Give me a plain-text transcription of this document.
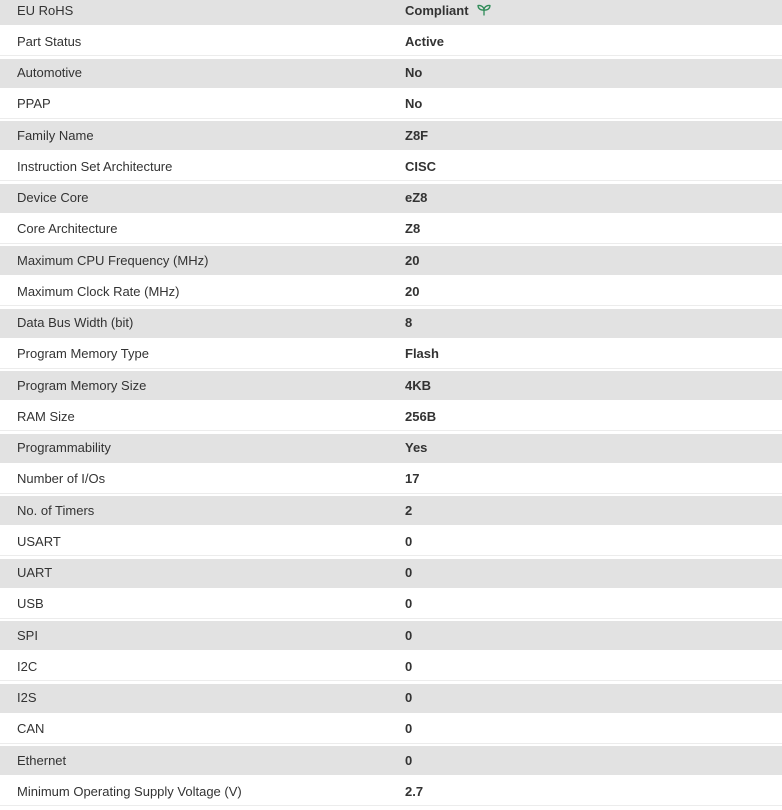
EU RoHS	Compliant
Part Status	Active
Automotive	No
PPAP	No
Family Name	Z8F
Instruction Set Architecture	CISC
Device Core	eZ8
Core Architecture	Z8
Maximum CPU Frequency (MHz)	20
Maximum Clock Rate (MHz)	20
Data Bus Width (bit)	8
Program Memory Type	Flash
Program Memory Size	4KB
RAM Size	256B
Programmability	Yes
Number of I/Os	17
No. of Timers	2
USART	0
UART	0
USB	0
SPI	0
I2C	0
I2S	0
CAN	0
Ethernet	0
Minimum Operating Supply Voltage (V)	2.7
